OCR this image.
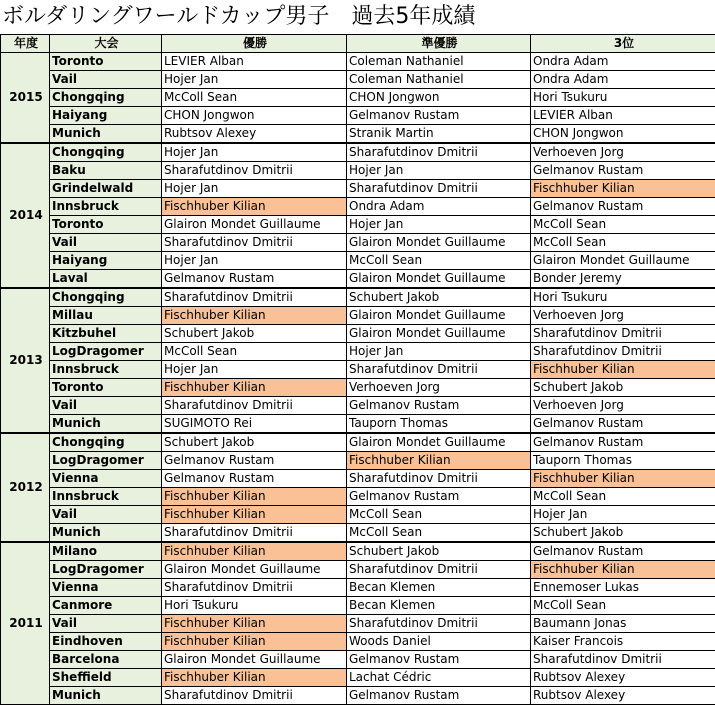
ボルダリングワールドカップ男子　過去5年成績
年度	大会	優勝	準優勝	3位
2015	Toronto	LEVIER Alban	Coleman Nathaniel	Ondra Adam
	Vail	Hojer Jan	Coleman Nathaniel	Ondra Adam
	Chongqing	McColl Sean	CHON Jongwon	Hori Tsukuru
	Haiyang	CHON Jongwon	Gelmanov Rustam	LEVIER Alban
	Munich	Rubtsov Alexey	Stranik Martin	CHON Jongwon
2014	Chongqing	Hojer Jan	Sharafutdinov Dmitrii	Verhoeven Jorg
	Baku	Sharafutdinov Dmitrii	Hojer Jan	Gelmanov Rustam
	Grindelwald	Hojer Jan	Sharafutdinov Dmitrii	Fischhuber Kilian
	Innsbruck	Fischhuber Kilian	Ondra Adam	Gelmanov Rustam
	Toronto	Glairon Mondet Guillaume	Hojer Jan	McColl Sean
	Vail	Sharafutdinov Dmitrii	Glairon Mondet Guillaume	McColl Sean
	Haiyang	Hojer Jan	McColl Sean	Glairon Mondet Guillaume
	Laval	Gelmanov Rustam	Glairon Mondet Guillaume	Bonder Jeremy
2013	Chongqing	Sharafutdinov Dmitrii	Schubert Jakob	Hori Tsukuru
	Millau	Fischhuber Kilian	Glairon Mondet Guillaume	Verhoeven Jorg
	Kitzbuhel	Schubert Jakob	Glairon Mondet Guillaume	Sharafutdinov Dmitrii
	LogDragomer	McColl Sean	Hojer Jan	Sharafutdinov Dmitrii
	Innsbruck	Hojer Jan	Sharafutdinov Dmitrii	Fischhuber Kilian
	Toronto	Fischhuber Kilian	Verhoeven Jorg	Schubert Jakob
	Vail	Sharafutdinov Dmitrii	Gelmanov Rustam	Verhoeven Jorg
	Munich	SUGIMOTO Rei	Tauporn Thomas	Gelmanov Rustam
2012	Chongqing	Schubert Jakob	Glairon Mondet Guillaume	Gelmanov Rustam
	LogDragomer	Gelmanov Rustam	Fischhuber Kilian	Tauporn Thomas
	Vienna	Gelmanov Rustam	Sharafutdinov Dmitrii	Fischhuber Kilian
	Innsbruck	Fischhuber Kilian	Gelmanov Rustam	McColl Sean
	Vail	Fischhuber Kilian	McColl Sean	Hojer Jan
	Munich	Sharafutdinov Dmitrii	McColl Sean	Schubert Jakob
2011	Milano	Fischhuber Kilian	Schubert Jakob	Gelmanov Rustam
	LogDragomer	Glairon Mondet Guillaume	Sharafutdinov Dmitrii	Fischhuber Kilian
	Vienna	Sharafutdinov Dmitrii	Becan Klemen	Ennemoser Lukas
	Canmore	Hori Tsukuru	Becan Klemen	McColl Sean
	Vail	Fischhuber Kilian	Sharafutdinov Dmitrii	Baumann Jonas
	Eindhoven	Fischhuber Kilian	Woods Daniel	Kaiser Francois
	Barcelona	Glairon Mondet Guillaume	Gelmanov Rustam	Sharafutdinov Dmitrii
	Sheffield	Fischhuber Kilian	Lachat Cédric	Rubtsov Alexey
	Munich	Sharafutdinov Dmitrii	Gelmanov Rustam	Rubtsov Alexey
